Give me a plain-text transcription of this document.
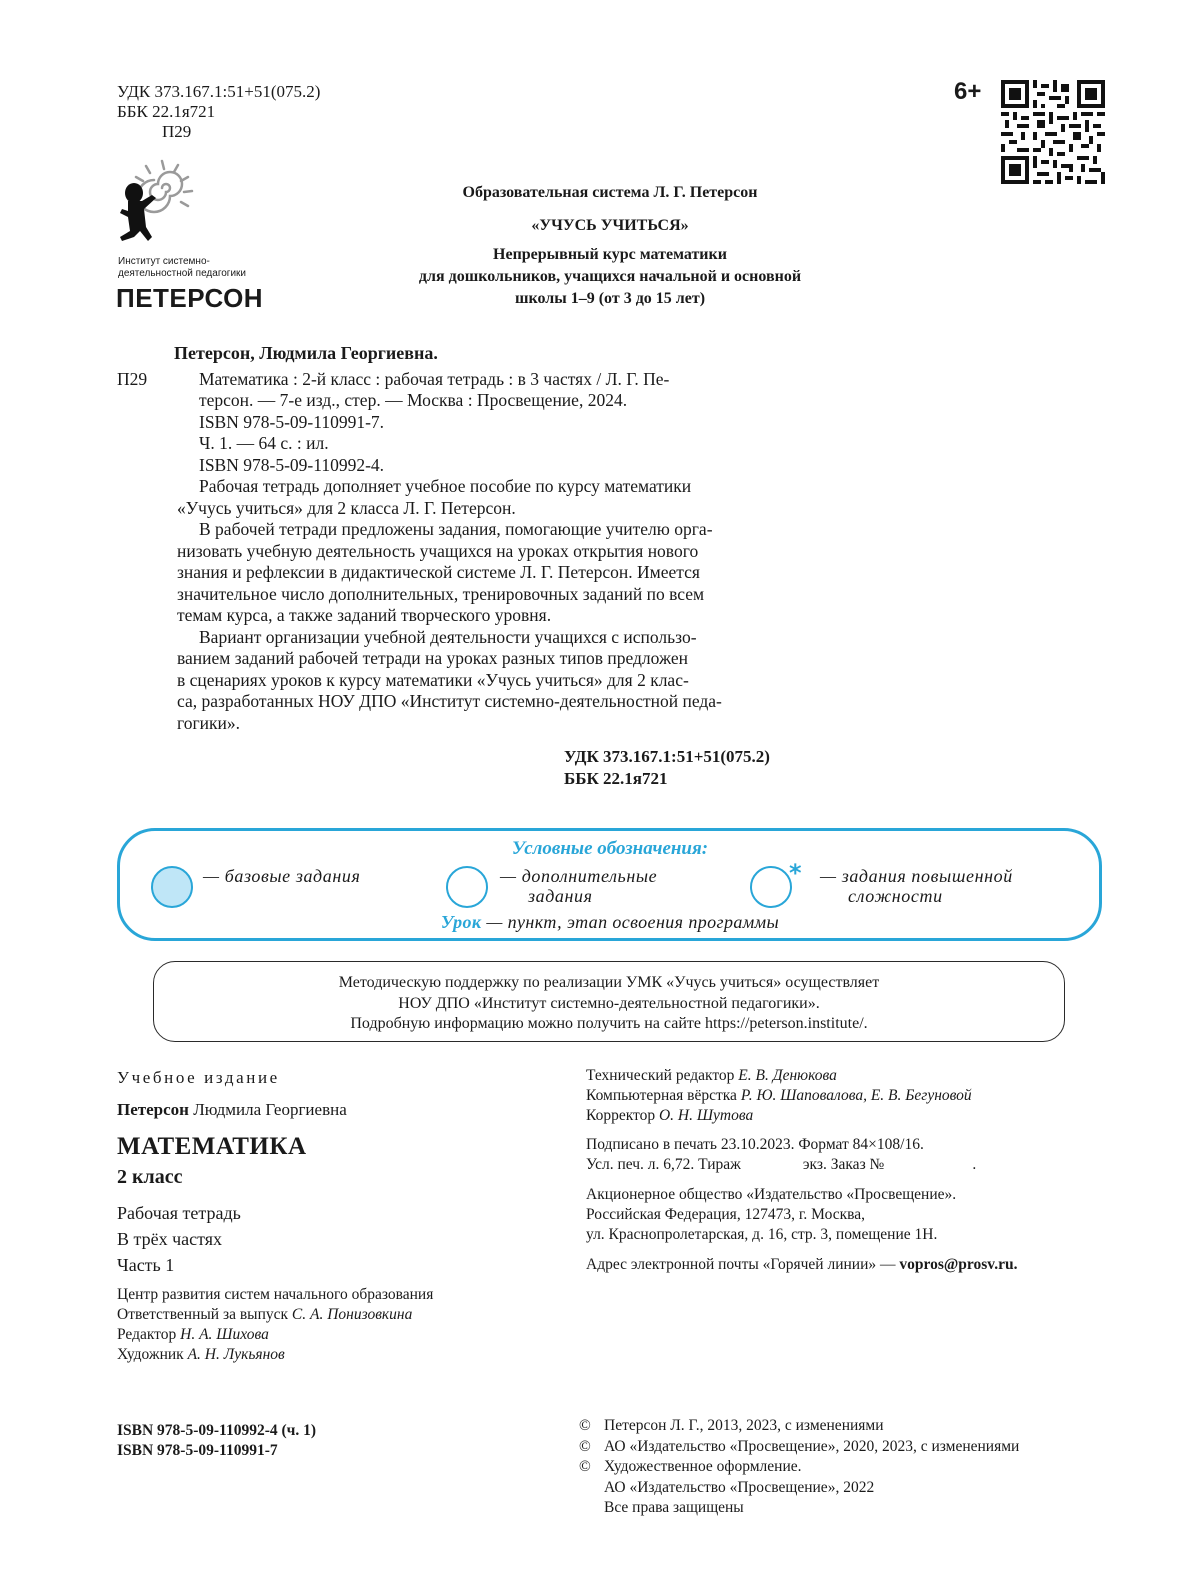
УДК 373.167.1:51+51(075.2)
ББК 22.1я721
П29
6+
Институт системно-
деятельностной педагогики
ПЕТЕРСОН
Образовательная система Л. Г. Петерсон
«УЧУСЬ УЧИТЬСЯ»
Непрерывный курс математики
для дошкольников, учащихся начальной и основной
школы 1–9 (от 3 до 15 лет)
Петерсон, Людмила Георгиевна.
П29	Математика : 2-й класс : рабочая тетрадь : в 3 частях / Л. Г. Пе-
терсон. — 7-е изд., стер. — Москва : Просвещение, 2024.
ISBN 978-5-09-110991-7.
Ч. 1. — 64 с. : ил.
ISBN 978-5-09-110992-4.
Рабочая тетрадь дополняет учебное пособие по курсу математики
«Учусь учиться» для 2 класса Л. Г. Петерсон.
В рабочей тетради предложены задания, помогающие учителю орга-
низовать учебную деятельность учащихся на уроках открытия нового
знания и рефлексии в дидактической системе Л. Г. Петерсон. Имеется
значительное число дополнительных, тренировочных заданий по всем
темам курса, а также заданий творческого уровня.
Вариант организации учебной деятельности учащихся с использо-
ванием заданий рабочей тетради на уроках разных типов предложен
в сценариях уроков к курсу математики «Учусь учиться» для 2 клас-
са, разработанных НОУ ДПО «Институт системно-деятельностной педа-
гогики».
УДК 373.167.1:51+51(075.2)
ББК 22.1я721
Условные обозначения:
— базовые задания	— дополнительные
задания
* — задания повышенной
сложности
Урок — пункт, этап освоения программы
Методическую поддержку по реализации УМК «Учусь учиться» осуществляет
НОУ ДПО «Институт системно-деятельностной педагогики».
Подробную информацию можно получить на сайте https://peterson.institute/.
Учебное издание
Петерсон Людмила Георгиевна
МАТЕМАТИКА
2 класс
Рабочая тетрадь
В трёх частях
Часть 1
Центр развития систем начального образования
Ответственный за выпуск С. А. Понизовкина
Редактор Н. А. Шихова
Художник А. Н. Лукьянов
Технический редактор Е. В. Денюкова
Компьютерная вёрстка Р. Ю. Шаповалова, Е. В. Бегуновой
Корректор О. Н. Шутова
Подписано в печать 23.10.2023. Формат 84×108/16.
Усл. печ. л. 6,72. Тираж	экз. Заказ №	.
Акционерное общество «Издательство «Просвещение».
Российская Федерация, 127473, г. Москва,
ул. Краснопролетарская, д. 16, стр. 3, помещение 1Н.
Адрес электронной почты «Горячей линии» — vopros@prosv.ru.
ISBN 978-5-09-110992-4 (ч. 1)
ISBN 978-5-09-110991-7
© Петерсон Л. Г., 2013, 2023, с изменениями
© АО «Издательство «Просвещение», 2020, 2023, с изменениями
© Художественное оформление.
АО «Издательство «Просвещение», 2022
Все права защищены
